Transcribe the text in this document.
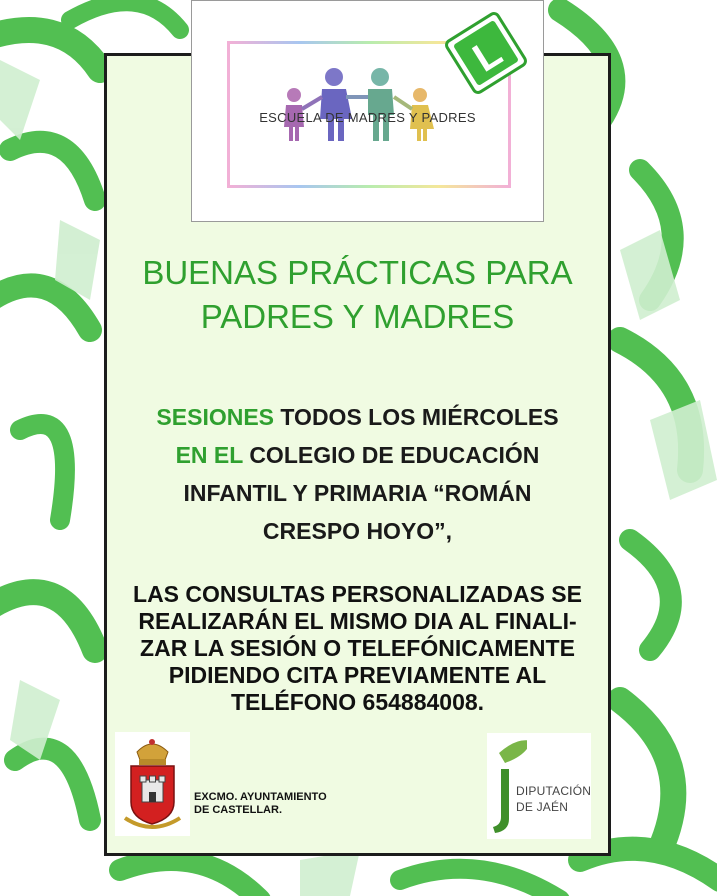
ESCUELA DE MADRES Y PADRES
L
BUENAS PRÁCTICAS PARA
PADRES Y MADRES
SESIONES TODOS LOS MIÉRCOLES
EN EL COLEGIO DE EDUCACIÓN
INFANTIL Y PRIMARIA “ROMÁN
CRESPO HOYO”,
LAS CONSULTAS PERSONALIZADAS SE
REALIZARÁN EL MISMO DIA AL FINALI-
ZAR LA SESIÓN O TELEFÓNICAMENTE
PIDIENDO CITA PREVIAMENTE AL
TELÉFONO 654884008.
EXCMO. AYUNTAMIENTO
DE CASTELLAR.
DIPUTACIÓN
DE JAÉN
